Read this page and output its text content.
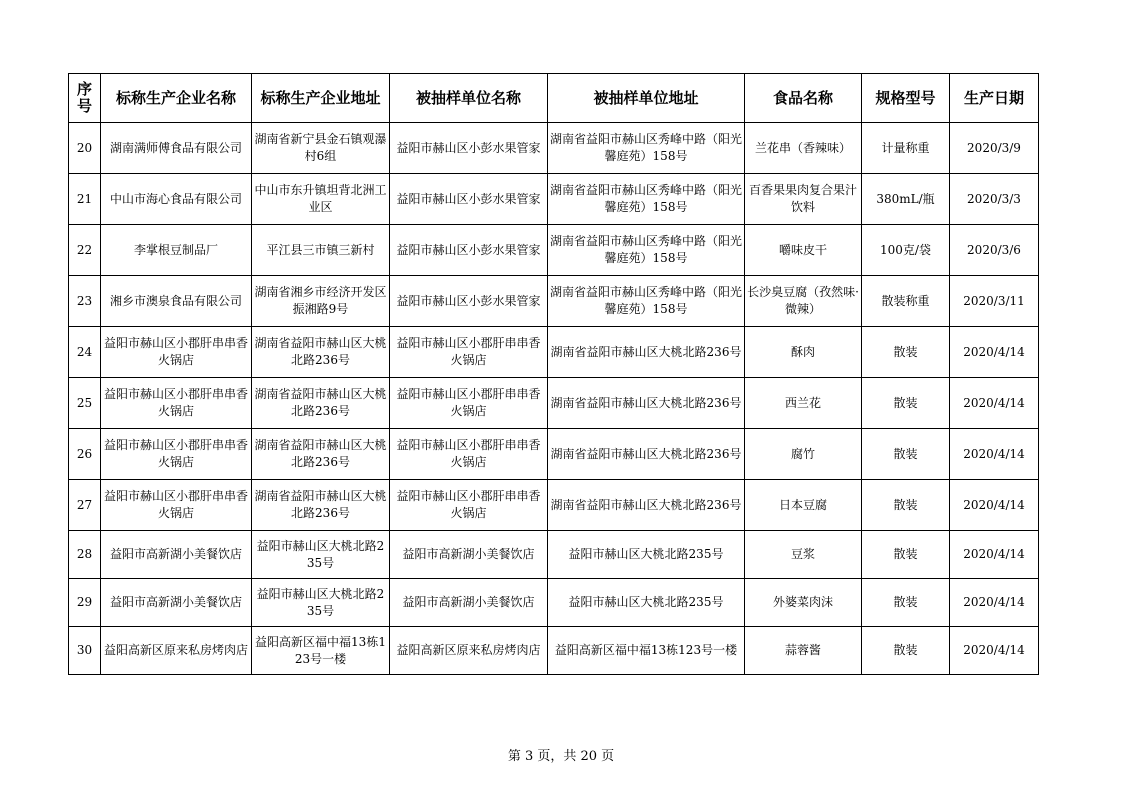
序号	标称生产企业名称	标称生产企业地址	被抽样单位名称	被抽样单位地址	食品名称	规格型号	生产日期
20	湖南满师傅食品有限公司	湖南省新宁县金石镇观瀑村6组	益阳市赫山区小彭水果管家	湖南省益阳市赫山区秀峰中路（阳光馨庭苑）158号	兰花串（香辣味）	计量称重	2020/3/9
21	中山市海心食品有限公司	中山市东升镇坦背北洲工业区	益阳市赫山区小彭水果管家	湖南省益阳市赫山区秀峰中路（阳光馨庭苑）158号	百香果果肉复合果汁饮料	380mL/瓶	2020/3/3
22	李掌根豆制品厂	平江县三市镇三新村	益阳市赫山区小彭水果管家	湖南省益阳市赫山区秀峰中路（阳光馨庭苑）158号	嚼味皮干	100克/袋	2020/3/6
23	湘乡市澳泉食品有限公司	湖南省湘乡市经济开发区振湘路9号	益阳市赫山区小彭水果管家	湖南省益阳市赫山区秀峰中路（阳光馨庭苑）158号	长沙臭豆腐（孜然味· 微辣）	散装称重	2020/3/11
24	益阳市赫山区小郡肝串串香火锅店	湖南省益阳市赫山区大桃北路236号	益阳市赫山区小郡肝串串香火锅店	湖南省益阳市赫山区大桃北路236号	酥肉	散装	2020/4/14
25	益阳市赫山区小郡肝串串香火锅店	湖南省益阳市赫山区大桃北路236号	益阳市赫山区小郡肝串串香火锅店	湖南省益阳市赫山区大桃北路236号	西兰花	散装	2020/4/14
26	益阳市赫山区小郡肝串串香火锅店	湖南省益阳市赫山区大桃北路236号	益阳市赫山区小郡肝串串香火锅店	湖南省益阳市赫山区大桃北路236号	腐竹	散装	2020/4/14
27	益阳市赫山区小郡肝串串香火锅店	湖南省益阳市赫山区大桃北路236号	益阳市赫山区小郡肝串串香火锅店	湖南省益阳市赫山区大桃北路236号	日本豆腐	散装	2020/4/14
28	益阳市高新湖小美餐饮店	益阳市赫山区大桃北路235号	益阳市高新湖小美餐饮店	益阳市赫山区大桃北路235号	豆浆	散装	2020/4/14
29	益阳市高新湖小美餐饮店	益阳市赫山区大桃北路235号	益阳市高新湖小美餐饮店	益阳市赫山区大桃北路235号	外婆菜肉沫	散装	2020/4/14
30	益阳高新区原来私房烤肉店	益阳高新区福中福13栋123号一楼	益阳高新区原来私房烤肉店	益阳高新区福中福13栋123号一楼	蒜蓉酱	散装	2020/4/14
第 3 页，共 20 页
